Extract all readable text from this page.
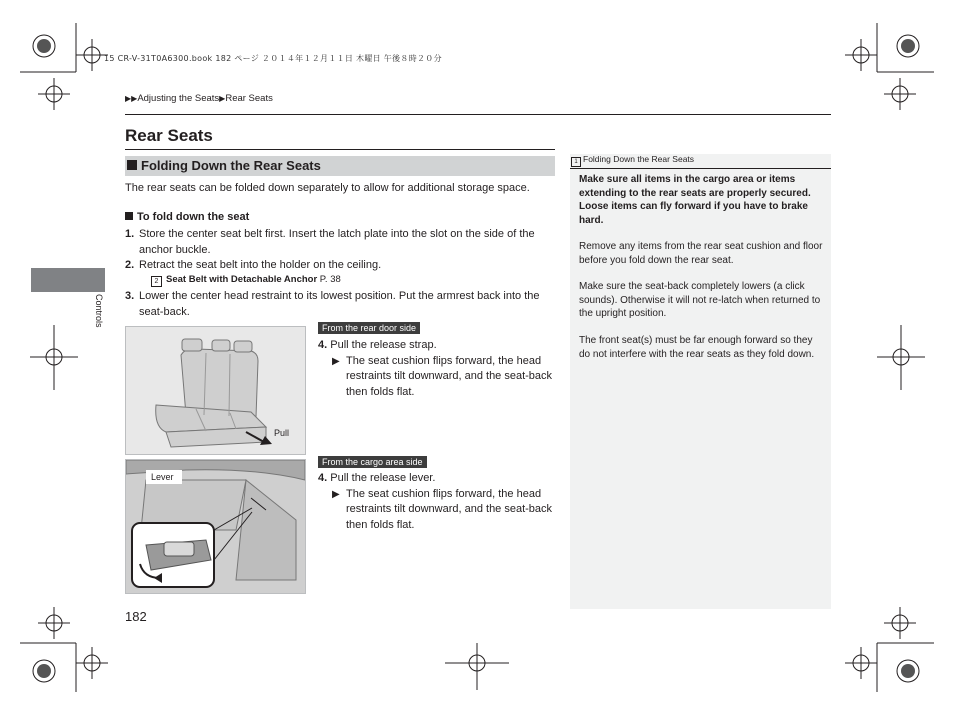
15 CR-V-31T0A6300.book 182 ページ ２０１４年１２月１１日 木曜日 午後８時２０分
▶▶Adjusting the Seats▶Rear Seats
Rear Seats
Folding Down the Rear Seats
The rear seats can be folded down separately to allow for additional storage space.
To fold down the seat
1. Store the center seat belt first. Insert the latch plate into the slot on the side of the anchor buckle.
2. Retract the seat belt into the holder on the ceiling.
2 Seat Belt with Detachable Anchor P. 38
3. Lower the center head restraint to its lowest position. Put the armrest back into the seat-back.
Pull
From the rear door side
4. Pull the release strap.
▶ The seat cushion flips forward, the head restraints tilt downward, and the seat-back then folds flat.
Lever
From the cargo area side
4. Pull the release lever.
▶ The seat cushion flips forward, the head restraints tilt downward, and the seat-back then folds flat.
Controls
182
1 Folding Down the Rear Seats
Make sure all items in the cargo area or items extending to the rear seats are properly secured. Loose items can fly forward if you have to brake hard.
Remove any items from the rear seat cushion and floor before you fold down the rear seat.
Make sure the seat-back completely lowers (a click sounds). Otherwise it will not re-latch when returned to the upright position.
The front seat(s) must be far enough forward so they do not interfere with the rear seats as they fold down.
